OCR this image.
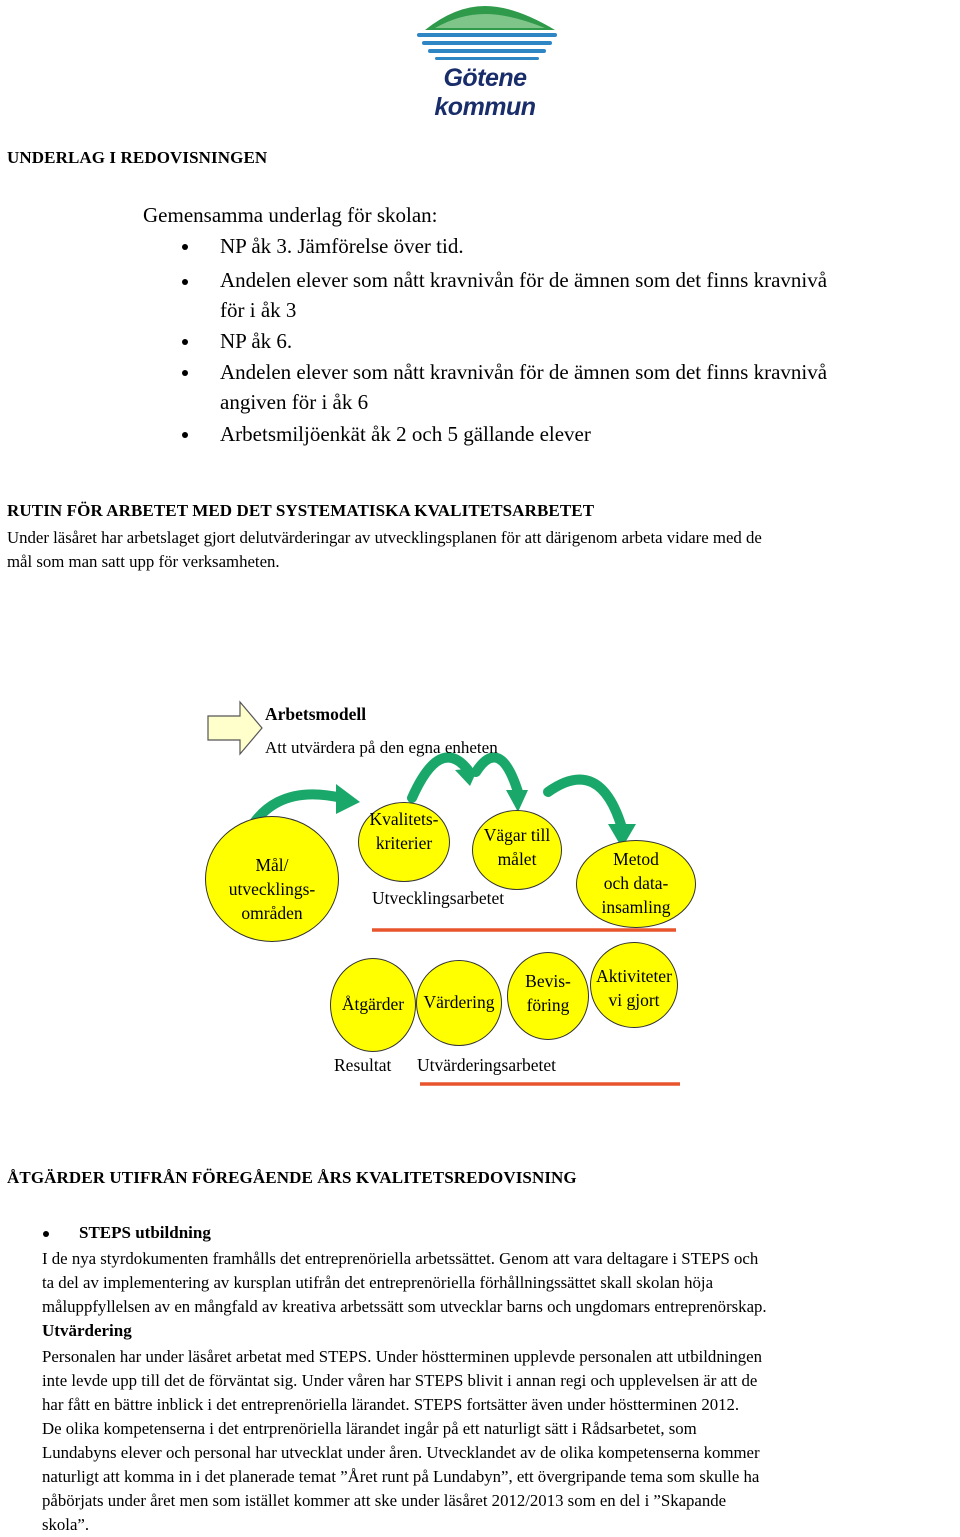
Götene kommun
UNDERLAG I REDOVISNINGEN
Gemensamma underlag för skolan:
NP åk 3. Jämförelse över tid.
Andelen elever som nått kravnivån för de ämnen som det finns kravnivå
för i åk 3
NP åk 6.
Andelen elever som nått kravnivån för de ämnen som det finns kravnivå
angiven för i åk 6
Arbetsmiljöenkät åk 2 och 5 gällande elever
RUTIN FÖR ARBETET MED DET SYSTEMATISKA KVALITETSARBETET
Under läsåret har arbetslaget gjort delutvärderingar av utvecklingsplanen för att därigenom arbeta vidare med de
mål som man satt upp för verksamheten.
Arbetsmodell
Att utvärdera på den egna enheten
Mål/
utvecklings-
områden
Kvalitets-
kriterier	Vägar till
målet	Metod
och data-
insamling
Utvecklingsarbetet
Åtgärder	Värdering
Bevis-
föring
Aktiviteter
vi gjort
Resultat Utvärderingsarbetet
ÅTGÄRDER UTIFRÅN FÖREGÅENDE ÅRS KVALITETSREDOVISNING
STEPS utbildning
I de nya styrdokumenten framhålls det entreprenöriella arbetssättet. Genom att vara deltagare i STEPS och
ta del av implementering av kursplan utifrån det entreprenöriella förhållningssättet skall skolan höja
måluppfyllelsen av en mångfald av kreativa arbetssätt som utvecklar barns och ungdomars entreprenörskap.
Utvärdering
Personalen har under läsåret arbetat med STEPS. Under höstterminen upplevde personalen att utbildningen
inte levde upp till det de förväntat sig. Under våren har STEPS blivit i annan regi och upplevelsen är att de
har fått en bättre inblick i det entreprenöriella lärandet. STEPS fortsätter även under höstterminen 2012.
De olika kompetenserna i det entrprenöriella lärandet ingår på ett naturligt sätt i Rådsarbetet, som
Lundabyns elever och personal har utvecklat under åren. Utvecklandet av de olika kompetenserna kommer
naturligt att komma in i det planerade temat ”Året runt på Lundabyn”, ett övergripande tema som skulle ha
påbörjats under året men som istället kommer att ske under läsåret 2012/2013 som en del i ”Skapande
skola”.
